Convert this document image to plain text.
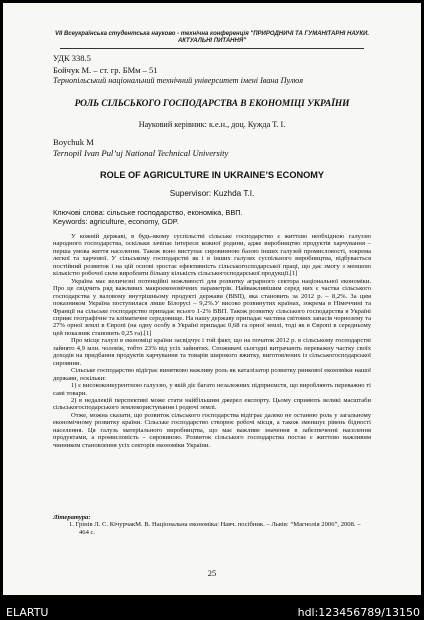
VII Всеукраїнська студентська науково - технічна конференція "ПРИРОДНИЧІ ТА ГУМАНІТАРНІ НАУКИ.
АКТУАЛЬНІ ПИТАННЯ"
УДК 338.5
Бойчук М. – ст. гр. БМм – 51
Тернопільський національний технічний університет імені Івана Пулюя
РОЛЬ СІЛЬСЬКОГО ГОСПОДАРСТВА В ЕКОНОМІЦІ УКРАЇНИ
Науковий керівник: к.е.н., доц. Кужда Т. І.
Boychuk M
Ternopil Ivan Pul’uj National Technical University
ROLE OF AGRICULTURE IN UKRAINE’S ECONOMY
Supervisor: Kuzhda T.I.
Ключові слова: сільське господарство, економіка, ВВП.
Keywords: agriculture, economy, GDP.

У кожній державі, в будь-якому суспільстві сільське господарство є життєво необхідною галуззю народного господарства, оскільки зачіпає інтереси кожної родини, адже виробництво продуктів харчування – перша умова життя населення. Також воно виступає сировинною базою інших галузей промисловості, зокрема легкої та харчової. У сільському господарстві як і в інших галузях суспільного виробництва, відбувається постійний розвиток і на цій основі зростає ефективність сільськогосподарської праці, що дає змогу з меншою кількістю робочої сили виробляти більшу кількість сільськогосподарської продукції.[1]

Україна має величезні потенційні можливості для розвитку аграрного сектора національної економіки. Про це свідчить ряд важливих макроекономічних параметрів. Найважливішим серед них є частка сільського господарства у валовому внутрішньому продукті держави (ВВП), яка становить за 2012 р. – 8,2%. За цим показником Україна поступилася лише Білорусі – 9,2%.У високо розвинутих країнах, зокрема в Німеччині та Франції на сільське господарство припадає всього 1-2% ВВП. Також розвитку сільського господарства в Україні сприяє географічне та кліматичне середовище. На нашу державу припадає частина світових запасів чорнозему та 27% орної землі в Європі (на одну особу в Україні припадає 0,68 га орної землі, тоді як в Європі в середньому цей показник становить 0,25 га).[1]

Про місце галузі в економіці країни засвідчує і той факт, що на початок 2012 р. в сільському господарстві зайнято 4,9 млн. чоловік, тобто 23% від усіх зайнятих. Споживачі сьогодні витрачають переважну частку своїх доходів на придбання продуктів харчування та товарів широкого вжитку, виготовлених із сільськогосподарської сировини.

Сільське господарство відіграє винятково важливу роль як каталізатор розвитку ринкової економіки нашої держави, оскільки:

1) є висококонкурентною галуззю, у якій діє багато незалежних підприємств, що виробляють переважно ті самі товари.

2) в недалекій перспективі може стати найбільшим джерел експорту. Цьому сприяють великі масштаби сільськогосподарського землекористування і родючі землі.

Отже, можна сказати, що розвиток сільського господарства відіграє далеко не останню роль у загальному економічному розвитку країни. Сільське господарство створює робочі місця, а також зменшує рівень бідності населення. Ця галузь матеріального виробництва, що має важливе значення в забезпеченні населення продуктами, а промисловість – сировиною. Розвиток сільського господарства постає є життєво важливим чинником становлення усіх секторів економіки України.

Література:
1. Грінів Л. С. КічурчакМ. В. Національна економіка: Навч. посібник. – Львів: “Магнолія 2006”, 2008. – 464 с.
25
ELARTU	hdl:123456789/13150
